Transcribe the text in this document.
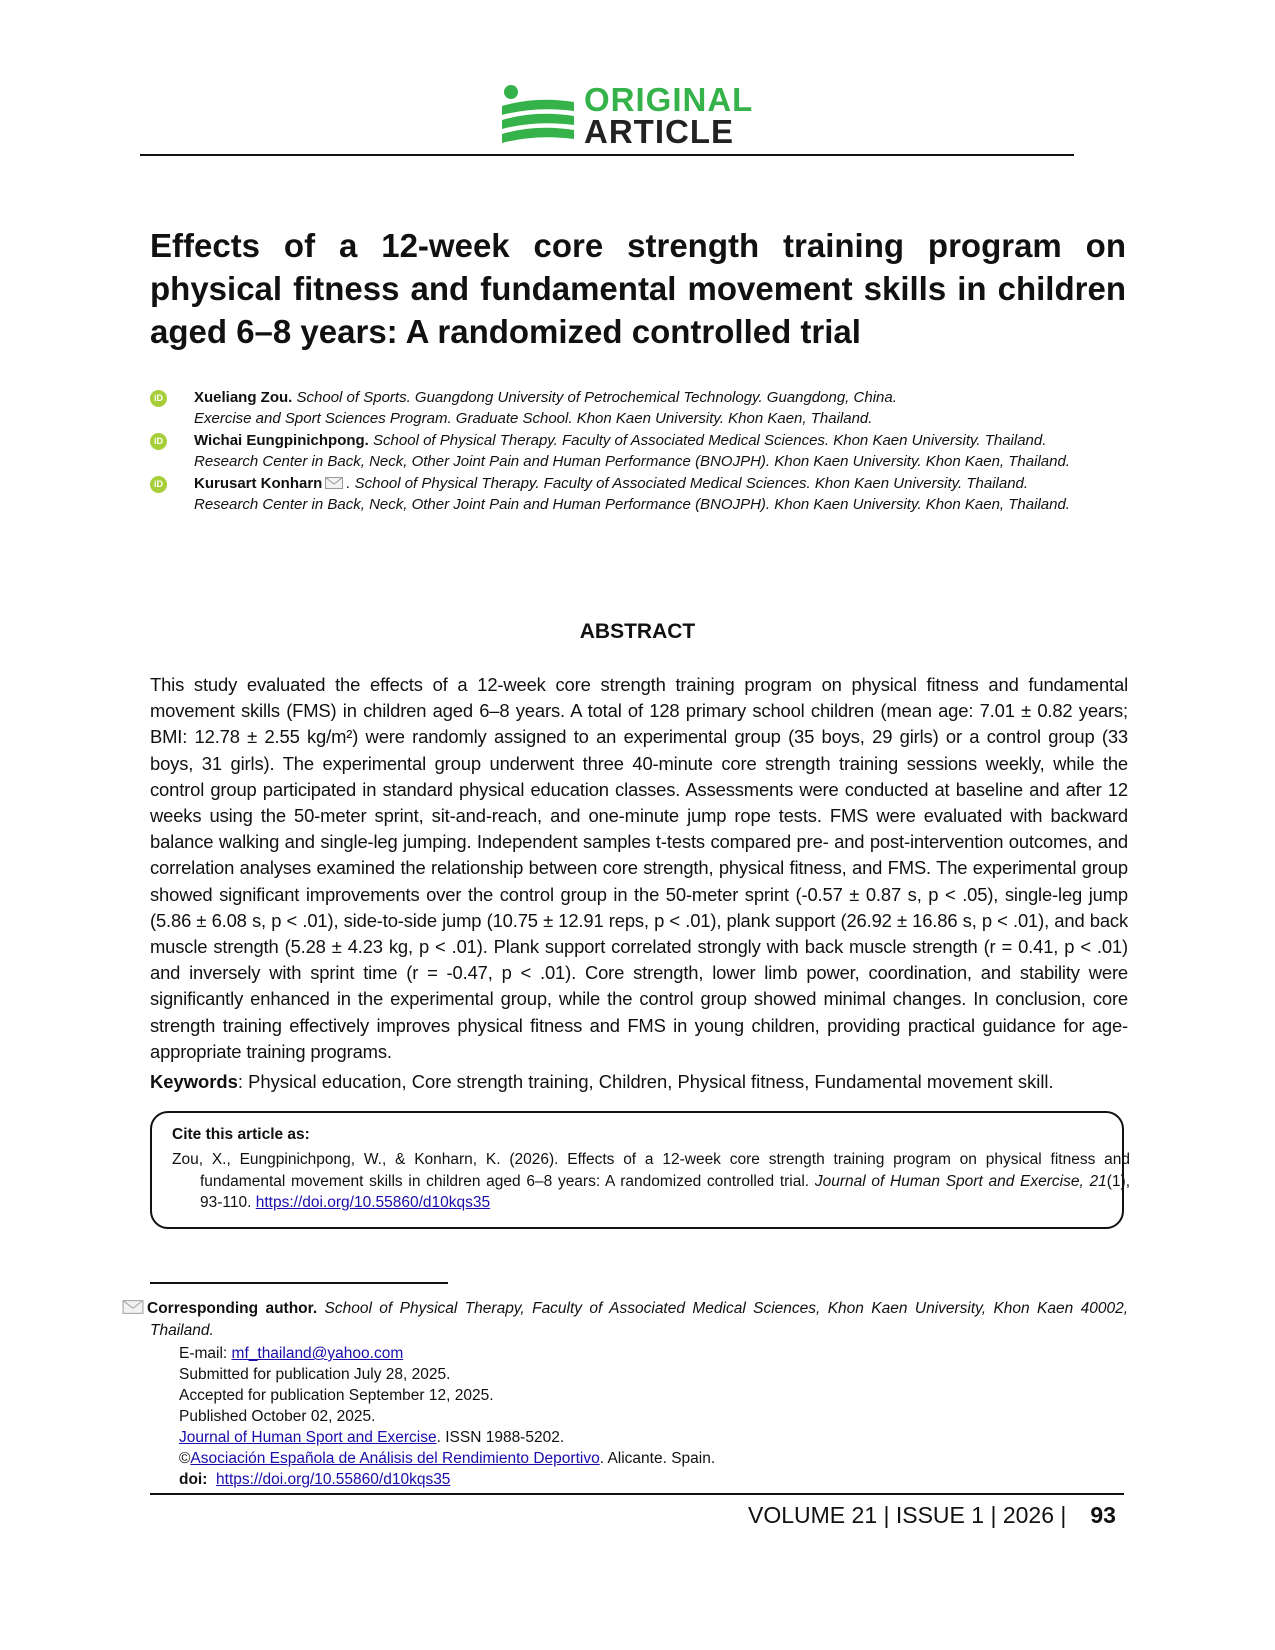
ORIGINAL
ARTICLE
Effects of a 12-week core strength training program on physical fitness and fundamental movement skills in children aged 6–8 years: A randomized controlled trial
iD Xueliang Zou. School of Sports. Guangdong University of Petrochemical Technology. Guangdong, China.
Exercise and Sport Sciences Program. Graduate School. Khon Kaen University. Khon Kaen, Thailand.
iD Wichai Eungpinichpong. School of Physical Therapy. Faculty of Associated Medical Sciences. Khon Kaen University. Thailand.
Research Center in Back, Neck, Other Joint Pain and Human Performance (BNOJPH). Khon Kaen University. Khon Kaen, Thailand.
iD Kurusart Konharn . School of Physical Therapy. Faculty of Associated Medical Sciences. Khon Kaen University. Thailand.
Research Center in Back, Neck, Other Joint Pain and Human Performance (BNOJPH). Khon Kaen University. Khon Kaen, Thailand.
ABSTRACT
This study evaluated the effects of a 12-week core strength training program on physical fitness and fundamental movement skills (FMS) in children aged 6–8 years. A total of 128 primary school children (mean age: 7.01 ± 0.82 years; BMI: 12.78 ± 2.55 kg/m²) were randomly assigned to an experimental group (35 boys, 29 girls) or a control group (33 boys, 31 girls). The experimental group underwent three 40-minute core strength training sessions weekly, while the control group participated in standard physical education classes. Assessments were conducted at baseline and after 12 weeks using the 50-meter sprint, sit-and-reach, and one-minute jump rope tests. FMS were evaluated with backward balance walking and single-leg jumping. Independent samples t-tests compared pre- and post-intervention outcomes, and correlation analyses examined the relationship between core strength, physical fitness, and FMS. The experimental group showed significant improvements over the control group in the 50-meter sprint (-0.57 ± 0.87 s, p < .05), single-leg jump (5.86 ± 6.08 s, p < .01), side-to-side jump (10.75 ± 12.91 reps, p < .01), plank support (26.92 ± 16.86 s, p < .01), and back muscle strength (5.28 ± 4.23 kg, p < .01). Plank support correlated strongly with back muscle strength (r = 0.41, p < .01) and inversely with sprint time (r = -0.47, p < .01). Core strength, lower limb power, coordination, and stability were significantly enhanced in the experimental group, while the control group showed minimal changes. In conclusion, core strength training effectively improves physical fitness and FMS in young children, providing practical guidance for age-appropriate training programs.
Keywords: Physical education, Core strength training, Children, Physical fitness, Fundamental movement skill.
Cite this article as:
Zou, X., Eungpinichpong, W., & Konharn, K. (2026). Effects of a 12-week core strength training program on physical fitness and fundamental movement skills in children aged 6–8 years: A randomized controlled trial. Journal of Human Sport and Exercise, 21(1), 93-110. https://doi.org/10.55860/d10kqs35
Corresponding author. School of Physical Therapy, Faculty of Associated Medical Sciences, Khon Kaen University, Khon Kaen 40002, Thailand.
E-mail: mf_thailand@yahoo.com
Submitted for publication July 28, 2025.
Accepted for publication September 12, 2025.
Published October 02, 2025.
Journal of Human Sport and Exercise. ISSN 1988-5202.
©Asociación Española de Análisis del Rendimiento Deportivo. Alicante. Spain.
doi: https://doi.org/10.55860/d10kqs35
VOLUME 21 | ISSUE 1 | 2026 | 93
